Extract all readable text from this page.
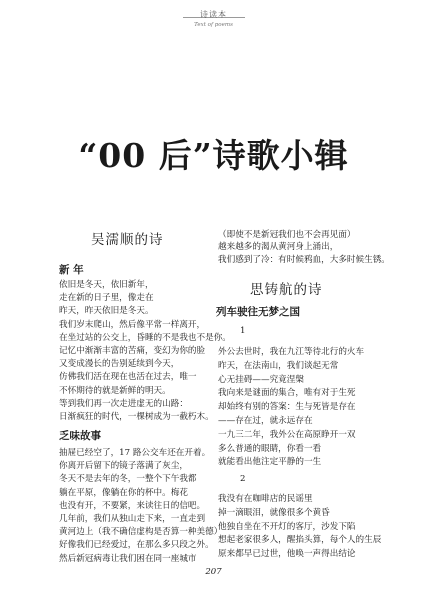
诗读本
Text of poems
“00 后”诗歌小辑
吴濡顺的诗
新 年
依旧是冬天，依旧新年，
走在新的日子里，像走在
昨天，昨天依旧是冬天。
我们岁末爬山，然后像平常一样离开，
在坐过站的公交上，昏睡的不是我也不是你。
记忆中渐渐丰富的苦痛，变幻为你的脸
又变成漫长的告别延续到今天，
仿佛我们活在现在也活在过去，唯一
不怀期待的就是新鲜的明天。
等到我们再一次走进虚无的山路：
日渐疯狂的时代，一棵树成为一截朽木。
乏味故事
抽屉已经空了，17 路公交车还在开着。
你离开后留下的镜子落满了灰尘，
冬天不是去年的冬，一整个下午我都
躺在平原，像躺在你的杯中。梅花
也没有开，不要紧，来读往日的信吧。
几年前，我们从独山走下来，一直走到
黄河边上（我不确信虚构是否算一种美德）
好像我们已经爱过，在那么多只段之外。
然后新冠病毒让我们困在同一座城市
（即使不是新冠我们也不会再见面）
越来越多的渴从黄河身上涌出，
我们感到了冷：有时候鸦血，大多时候生锈。
思铸航的诗
列车驶往无梦之国
1
外公去世时，我在九江等待北行的火车
昨天，在法南山，我们谈起无常
心无挂碍——究竟涅槃
我向来是谜面的集合，唯有对于生死
却始终有别的答案：生与死皆是存在
——存在过，就永远存在
一九三二年，我外公在高原睁开一双
多么普通的眼睛，你看一看
就能看出他注定平静的一生
2
我没有在咖啡店的民谣里
掉一滴眼泪，就像很多个黄昏
他独自坐在不开灯的客厅，沙发下陷
想起老家很多人，醒掐头算，每个人的生辰
原来都早已过世，他唤一声得出结论
207
